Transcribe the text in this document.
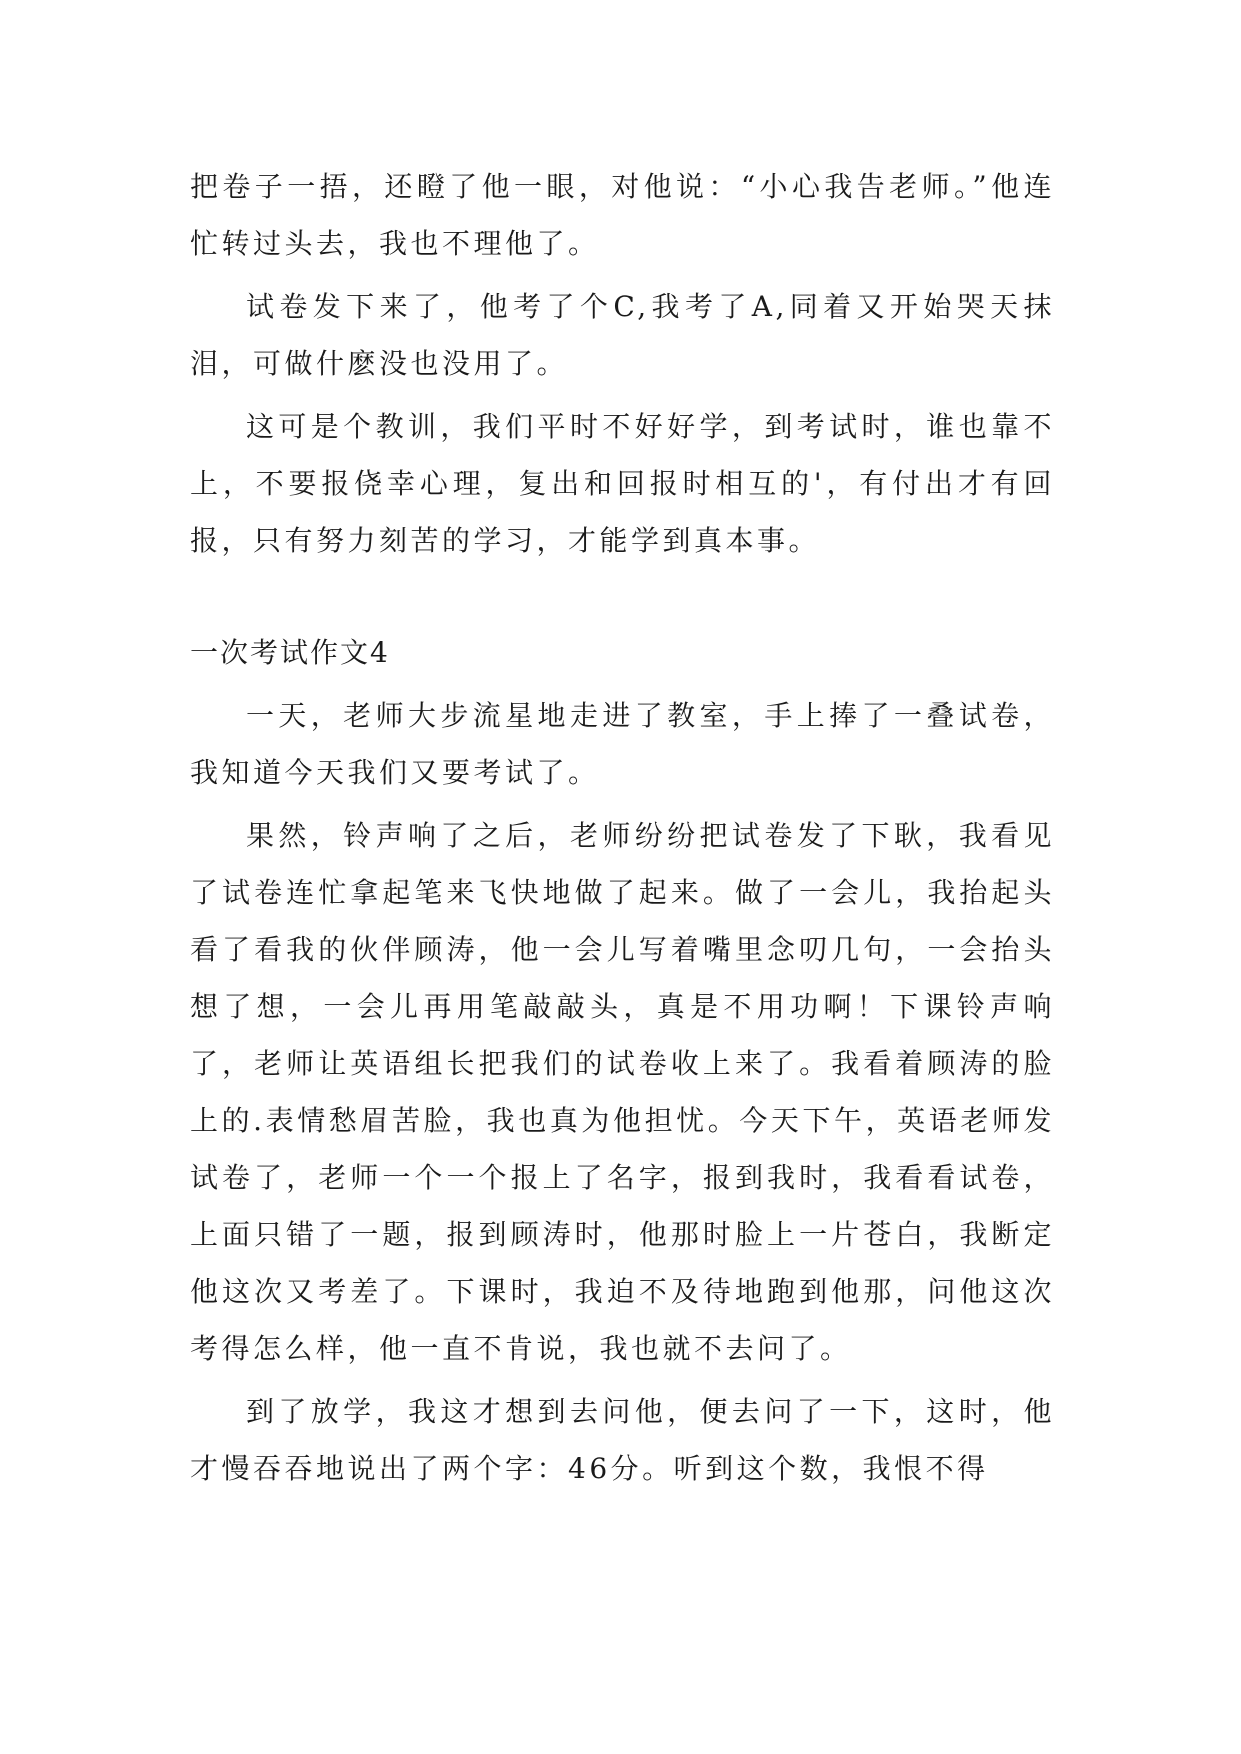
把卷子一捂，还瞪了他一眼，对他说：“小心我告老师。”他连忙转过头去，我也不理他了。

试卷发下来了，他考了个C,我考了A,同着又开始哭天抹泪，可做什麽没也没用了。

这可是个教训，我们平时不好好学，到考试时，谁也靠不上，不要报侥幸心理，复出和回报时相互的'，有付出才有回报，只有努力刻苦的学习，才能学到真本事。

一次考试作文4

一天，老师大步流星地走进了教室，手上捧了一叠试卷，我知道今天我们又要考试了。

果然，铃声响了之后，老师纷纷把试卷发了下耿，我看见了试卷连忙拿起笔来飞快地做了起来。做了一会儿，我抬起头看了看我的伙伴顾涛，他一会儿写着嘴里念叨几句，一会抬头想了想，一会儿再用笔敲敲头，真是不用功啊！下课铃声响了，老师让英语组长把我们的试卷收上来了。我看着顾涛的脸上的.表情愁眉苦脸，我也真为他担忧。今天下午，英语老师发试卷了，老师一个一个报上了名字，报到我时，我看看试卷，上面只错了一题，报到顾涛时，他那时脸上一片苍白，我断定他这次又考差了。下课时，我迫不及待地跑到他那，问他这次考得怎么样，他一直不肯说，我也就不去问了。

到了放学，我这才想到去问他，便去问了一下，这时，他才慢吞吞地说出了两个字：46分。听到这个数，我恨不得
